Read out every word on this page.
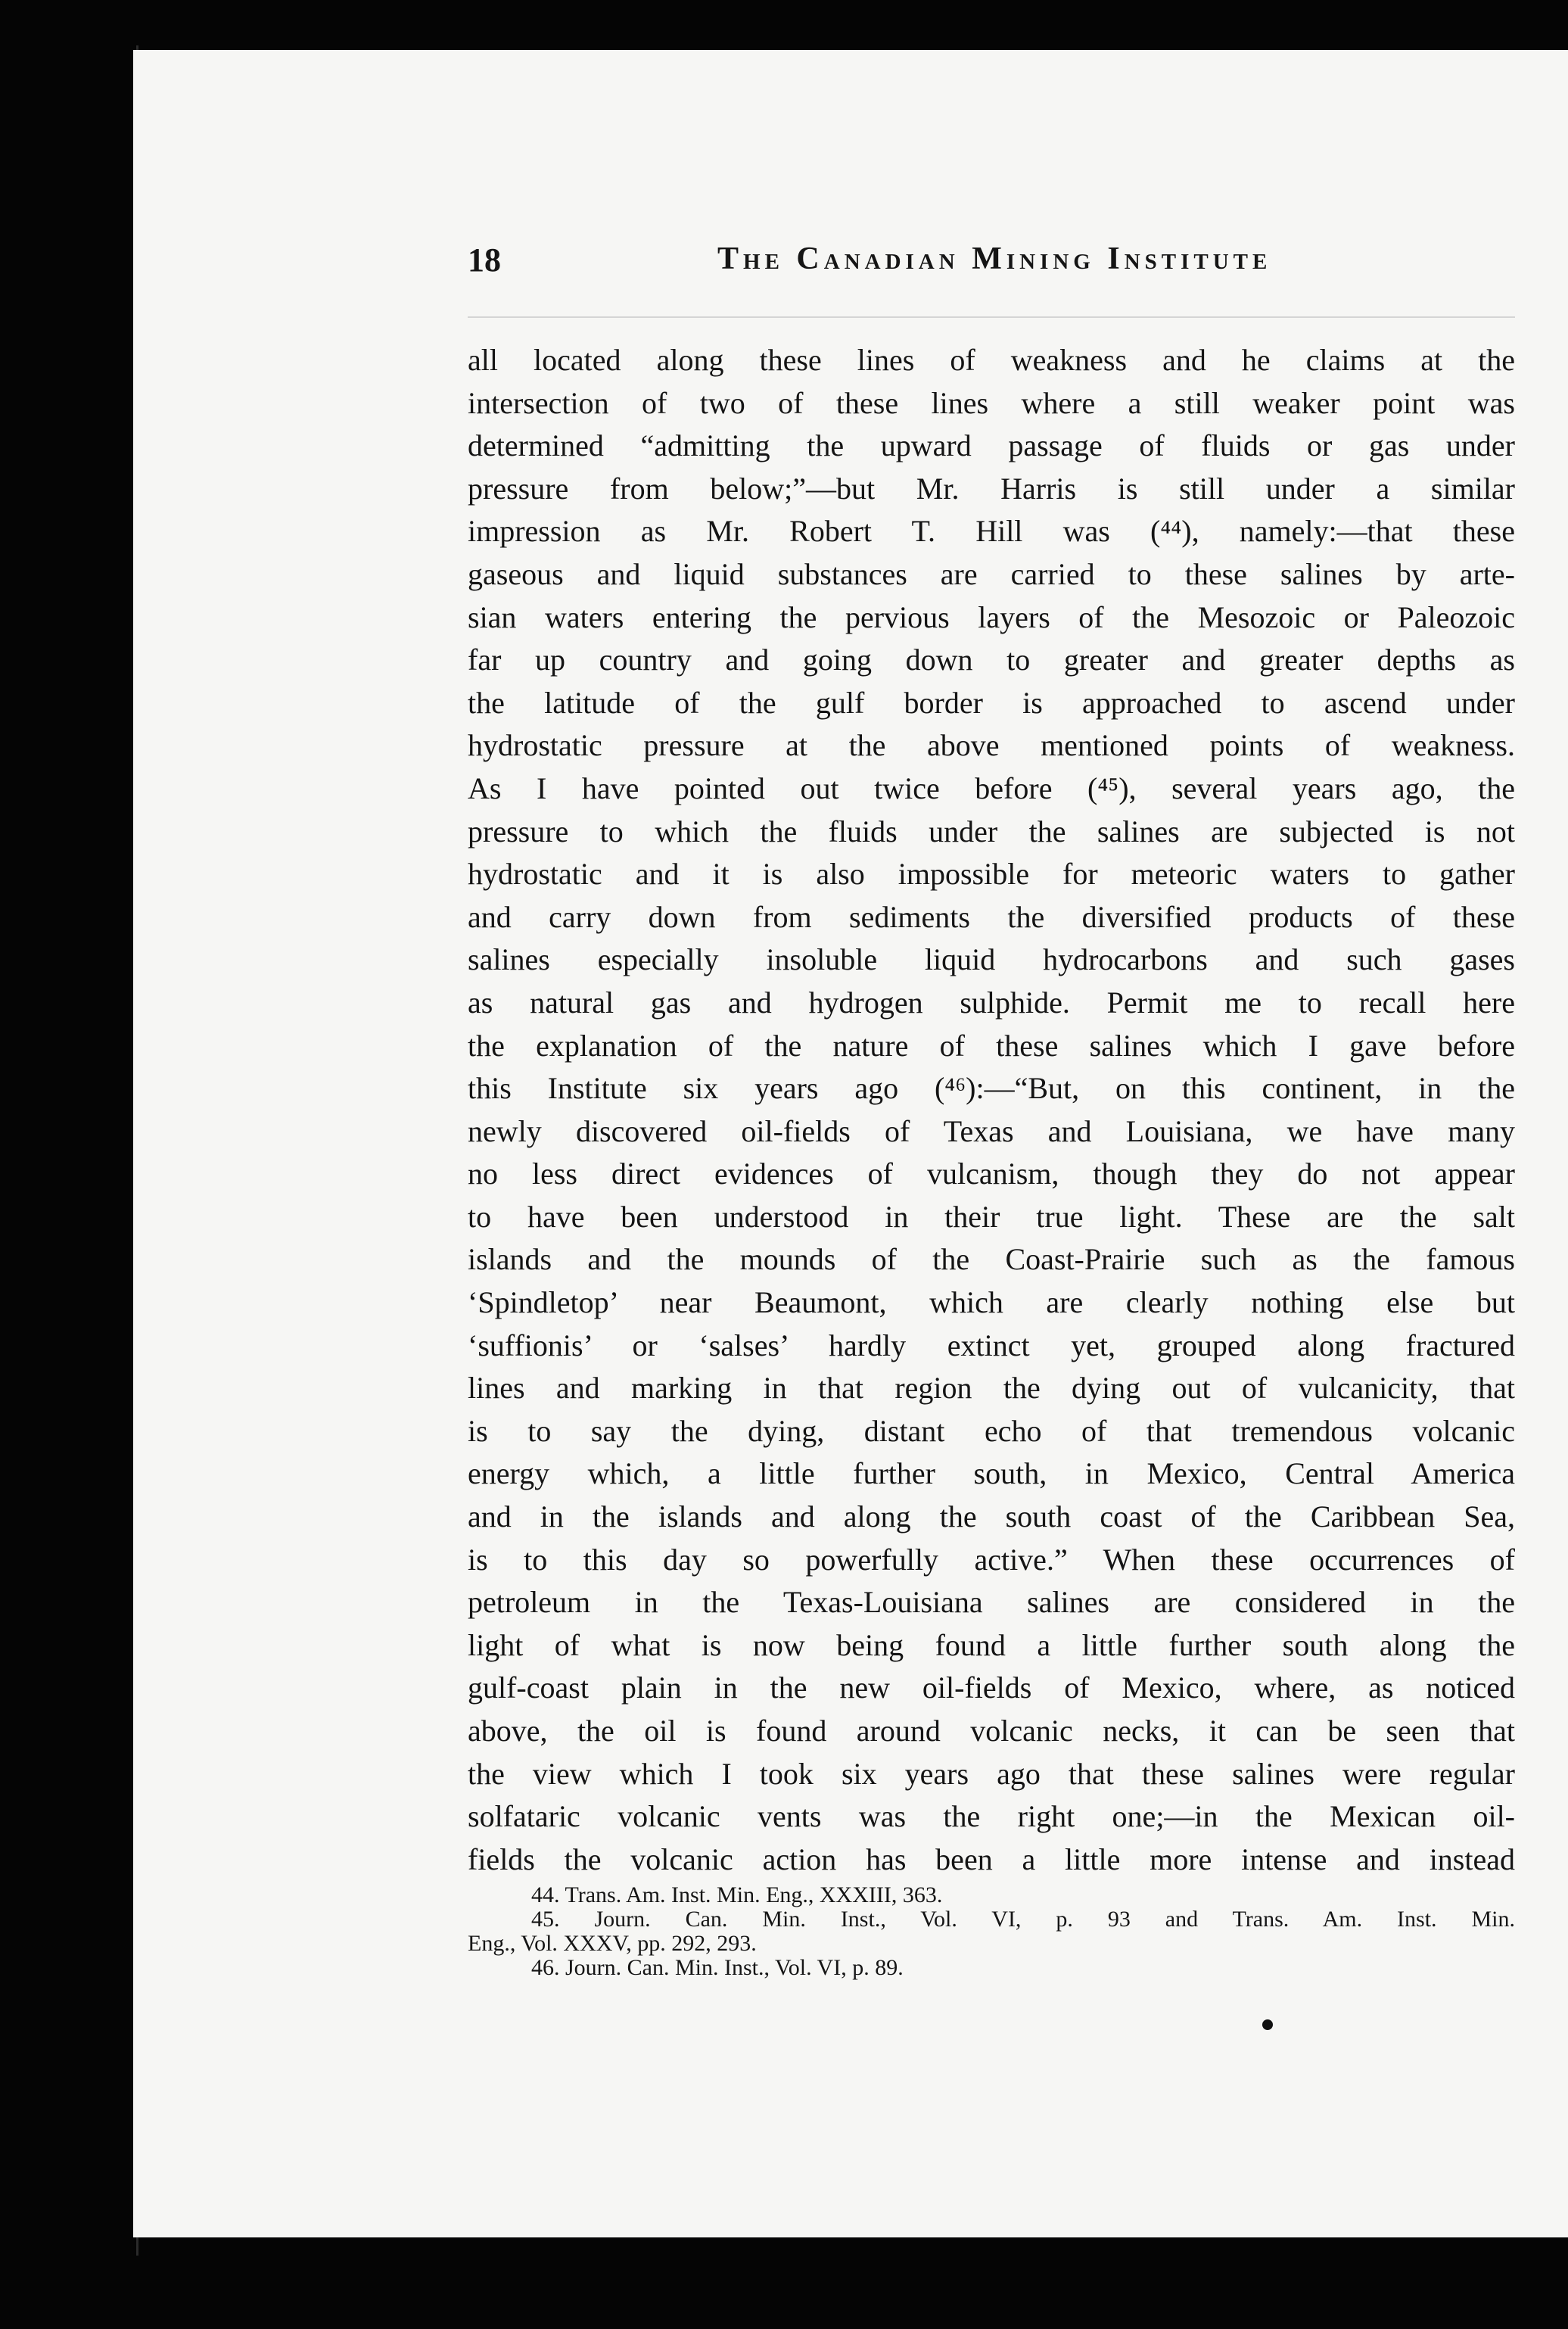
18	The Canadian Mining Institute
all located along these lines of weakness and he claims at the
intersection of two of these lines where a still weaker point was
determined “admitting the upward passage of fluids or gas under
pressure from below;”—but Mr. Harris is still under a similar
impression as Mr. Robert T. Hill was (⁴⁴), namely:—that these
gaseous and liquid substances are carried to these salines by arte-
sian waters entering the pervious layers of the Mesozoic or Paleozoic
far up country and going down to greater and greater depths as
the latitude of the gulf border is approached to ascend under
hydrostatic pressure at the above mentioned points of weakness.
As I have pointed out twice before (⁴⁵), several years ago, the
pressure to which the fluids under the salines are subjected is not
hydrostatic and it is also impossible for meteoric waters to gather
and carry down from sediments the diversified products of these
salines especially insoluble liquid hydrocarbons and such gases
as natural gas and hydrogen sulphide. Permit me to recall here
the explanation of the nature of these salines which I gave before
this Institute six years ago (⁴⁶):—“But, on this continent, in the
newly discovered oil-fields of Texas and Louisiana, we have many
no less direct evidences of vulcanism, though they do not appear
to have been understood in their true light. These are the salt
islands and the mounds of the Coast-Prairie such as the famous
‘Spindletop’ near Beaumont, which are clearly nothing else but
‘suffionis’ or ‘salses’ hardly extinct yet, grouped along fractured
lines and marking in that region the dying out of vulcanicity, that
is to say the dying, distant echo of that tremendous volcanic
energy which, a little further south, in Mexico, Central America
and in the islands and along the south coast of the Caribbean Sea,
is to this day so powerfully active.” When these occurrences of
petroleum in the Texas-Louisiana salines are considered in the
light of what is now being found a little further south along the
gulf-coast plain in the new oil-fields of Mexico, where, as noticed
above, the oil is found around volcanic necks, it can be seen that
the view which I took six years ago that these salines were regular
solfataric volcanic vents was the right one;—in the Mexican oil-
fields the volcanic action has been a little more intense and instead
44. Trans. Am. Inst. Min. Eng., XXXIII, 363.
45. Journ. Can. Min. Inst., Vol. VI, p. 93 and Trans. Am. Inst. Min.
Eng., Vol. XXXV, pp. 292, 293.
46. Journ. Can. Min. Inst., Vol. VI, p. 89.
